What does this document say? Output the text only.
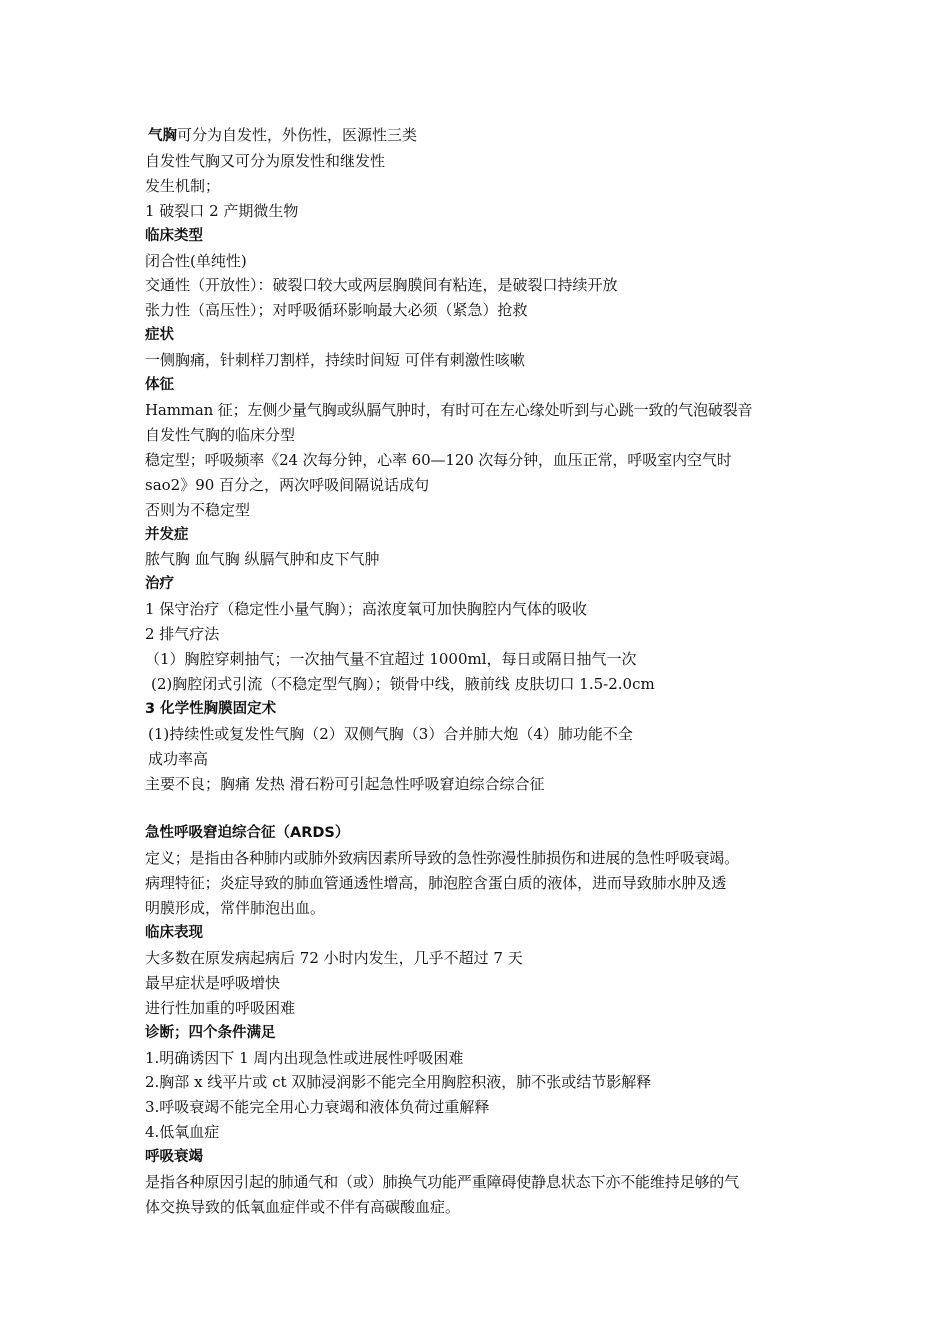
气胸可分为自发性，外伤性，医源性三类
自发性气胸又可分为原发性和继发性
发生机制；
1 破裂口 2 产期微生物
临床类型
闭合性(单纯性)
交通性（开放性）：破裂口较大或两层胸膜间有粘连，是破裂口持续开放
张力性（高压性）；对呼吸循环影响最大必须（紧急）抢救
症状
一侧胸痛，针刺样刀割样，持续时间短 可伴有刺激性咳嗽
体征
Hamman 征；左侧少量气胸或纵膈气肿时，有时可在左心缘处听到与心跳一致的气泡破裂音
自发性气胸的临床分型
稳定型；呼吸频率《24 次每分钟，心率 60—120 次每分钟，血压正常，呼吸室内空气时
sao2》90 百分之，两次呼吸间隔说话成句
否则为不稳定型
并发症
脓气胸 血气胸 纵膈气肿和皮下气肿
治疗
1 保守治疗（稳定性小量气胸）；高浓度氧可加快胸腔内气体的吸收
2 排气疗法
（1）胸腔穿刺抽气；一次抽气量不宜超过 1000ml，每日或隔日抽气一次
(2)胸腔闭式引流（不稳定型气胸）；锁骨中线，腋前线 皮肤切口 1.5-2.0cm
3 化学性胸膜固定术
(1)持续性或复发性气胸（2）双侧气胸（3）合并肺大炮（4）肺功能不全
成功率高
主要不良；胸痛 发热 滑石粉可引起急性呼吸窘迫综合综合征
急性呼吸窘迫综合征（ARDS）
定义；是指由各种肺内或肺外致病因素所导致的急性弥漫性肺损伤和进展的急性呼吸衰竭。
病理特征；炎症导致的肺血管通透性增高，肺泡腔含蛋白质的液体，进而导致肺水肿及透
明膜形成，常伴肺泡出血。
临床表现
大多数在原发病起病后 72 小时内发生，几乎不超过 7 天
最早症状是呼吸增快
进行性加重的呼吸困难
诊断；四个条件满足
1.明确诱因下 1 周内出现急性或进展性呼吸困难
2.胸部 x 线平片或 ct 双肺浸润影不能完全用胸腔积液，肺不张或结节影解释
3.呼吸衰竭不能完全用心力衰竭和液体负荷过重解释
4.低氧血症
呼吸衰竭
是指各种原因引起的肺通气和（或）肺换气功能严重障碍使静息状态下亦不能维持足够的气
体交换导致的低氧血症伴或不伴有高碳酸血症。
